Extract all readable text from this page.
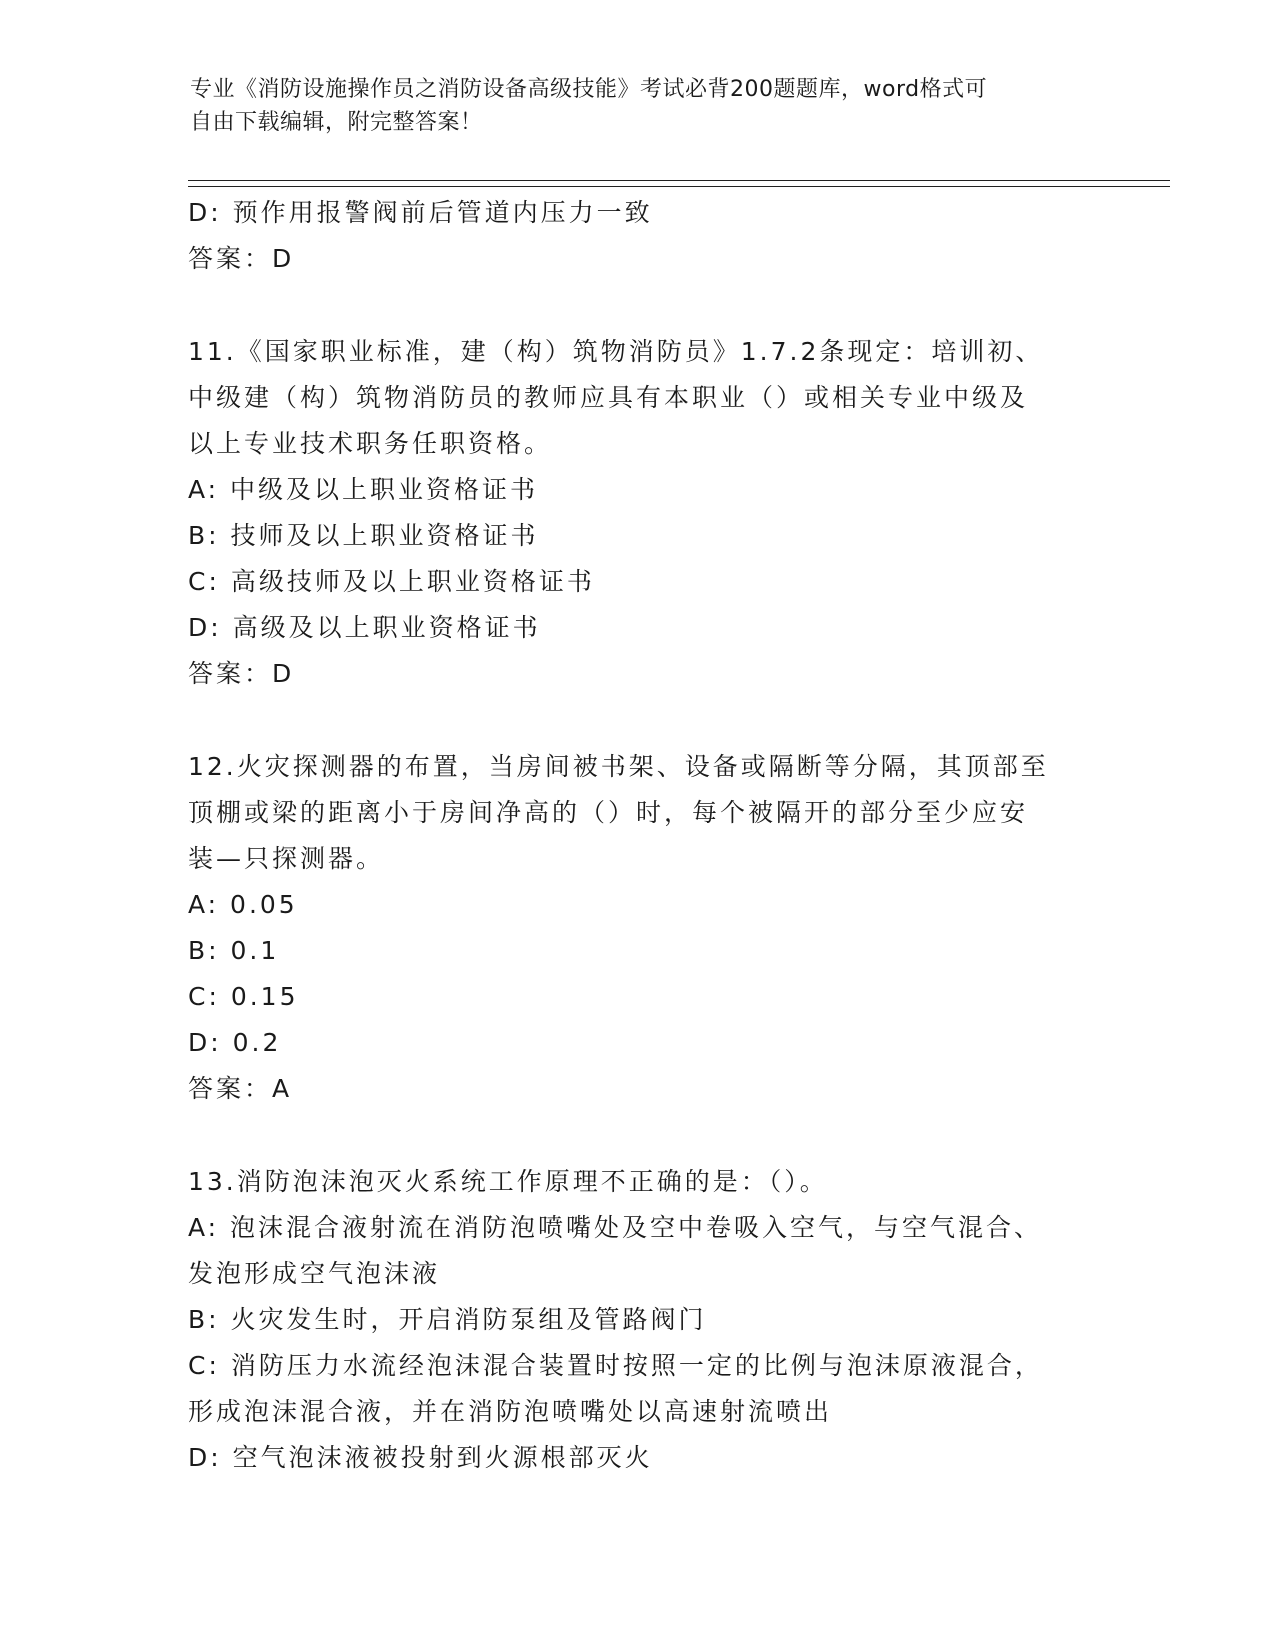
专业《消防设施操作员之消防设备高级技能》考试必背200题题库，word格式可
自由下载编辑，附完整答案！
D: 预作用报警阀前后管道内压力一致
答案：D
11.《国家职业标准，建（构）筑物消防员》1.7.2条现定：培训初、
中级建（构）筑物消防员的教师应具有本职业（）或相关专业中级及
以上专业技术职务任职资格。
A: 中级及以上职业资格证书
B: 技师及以上职业资格证书
C: 高级技师及以上职业资格证书
D: 高级及以上职业资格证书
答案：D
12.火灾探测器的布置，当房间被书架、设备或隔断等分隔，其顶部至
顶棚或梁的距离小于房间净高的（）时，每个被隔开的部分至少应安
装—只探测器。
A: 0.05
B: 0.1
C: 0.15
D: 0.2
答案：A
13.消防泡沫泡灭火系统工作原理不正确的是：（）。
A: 泡沫混合液射流在消防泡喷嘴处及空中卷吸入空气，与空气混合、
发泡形成空气泡沫液
B: 火灾发生时，开启消防泵组及管路阀门
C: 消防压力水流经泡沫混合装置时按照一定的比例与泡沫原液混合，
形成泡沫混合液，并在消防泡喷嘴处以高速射流喷出
D: 空气泡沫液被投射到火源根部灭火
